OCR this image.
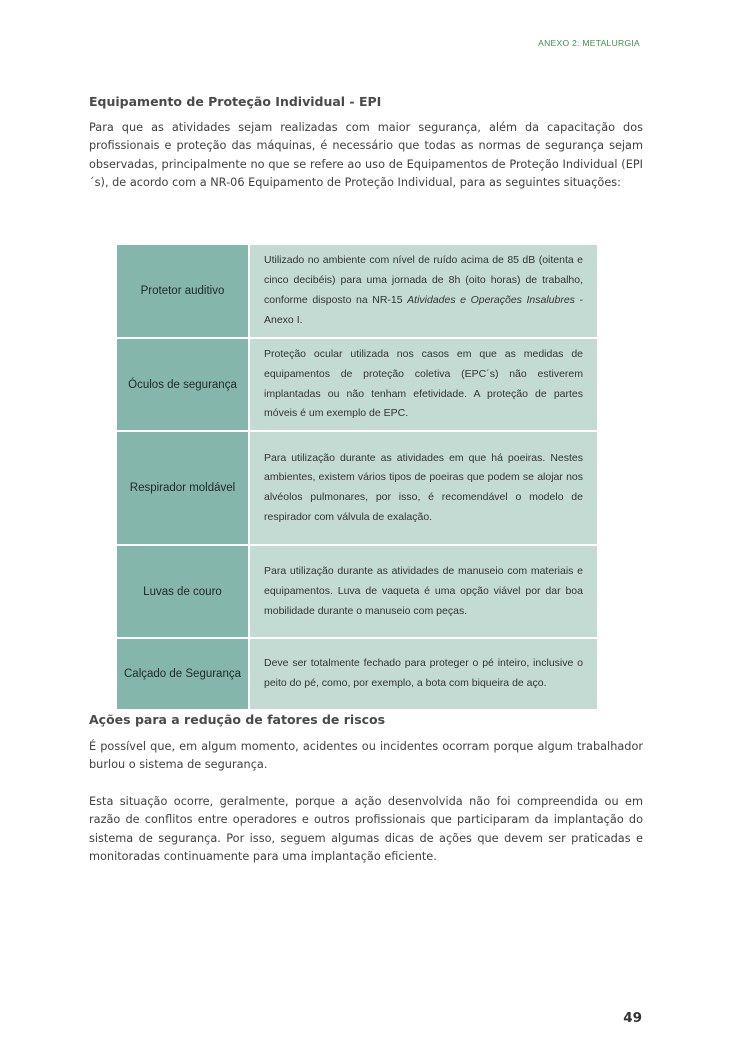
ANEXO 2: METALURGIA
Equipamento de Proteção Individual - EPI

Para que as atividades sejam realizadas com maior segurança, além da capacitação dos profissionais e proteção das máquinas, é necessário que todas as normas de segurança sejam observadas, principalmente no que se refere ao uso de Equipamentos de Proteção Individual (EPI´s), de acordo com a NR-06 Equipamento de Proteção Individual, para as seguintes situações:

Protetor auditivo	Utilizado no ambiente com nível de ruído acima de 85 dB (oitenta e cinco decibéis) para uma jornada de 8h (oito horas) de trabalho, conforme disposto na NR-15 Atividades e Operações Insalubres - Anexo I.
Óculos de segurança	Proteção ocular utilizada nos casos em que as medidas de equipamentos de proteção coletiva (EPC´s) não estiverem implantadas ou não tenham efetividade. A proteção de partes móveis é um exemplo de EPC.
Respirador moldável	Para utilização durante as atividades em que há poeiras. Nestes ambientes, existem vários tipos de poeiras que podem se alojar nos alvéolos pulmonares, por isso, é recomendável o modelo de respirador com válvula de exalação.
Luvas de couro	Para utilização durante as atividades de manuseio com materiais e equipamentos. Luva de vaqueta é uma opção viável por dar boa mobilidade durante o manuseio com peças.
Calçado de Segurança	Deve ser totalmente fechado para proteger o pé inteiro, inclusive o peito do pé, como, por exemplo, a bota com biqueira de aço.
Ações para a redução de fatores de riscos

É possível que, em algum momento, acidentes ou incidentes ocorram porque algum trabalhador burlou o sistema de segurança.

Esta situação ocorre, geralmente, porque a ação desenvolvida não foi compreendida ou em razão de conflitos entre operadores e outros profissionais que participaram da implantação do sistema de segurança. Por isso, seguem algumas dicas de ações que devem ser praticadas e monitoradas continuamente para uma implantação eficiente.

49
